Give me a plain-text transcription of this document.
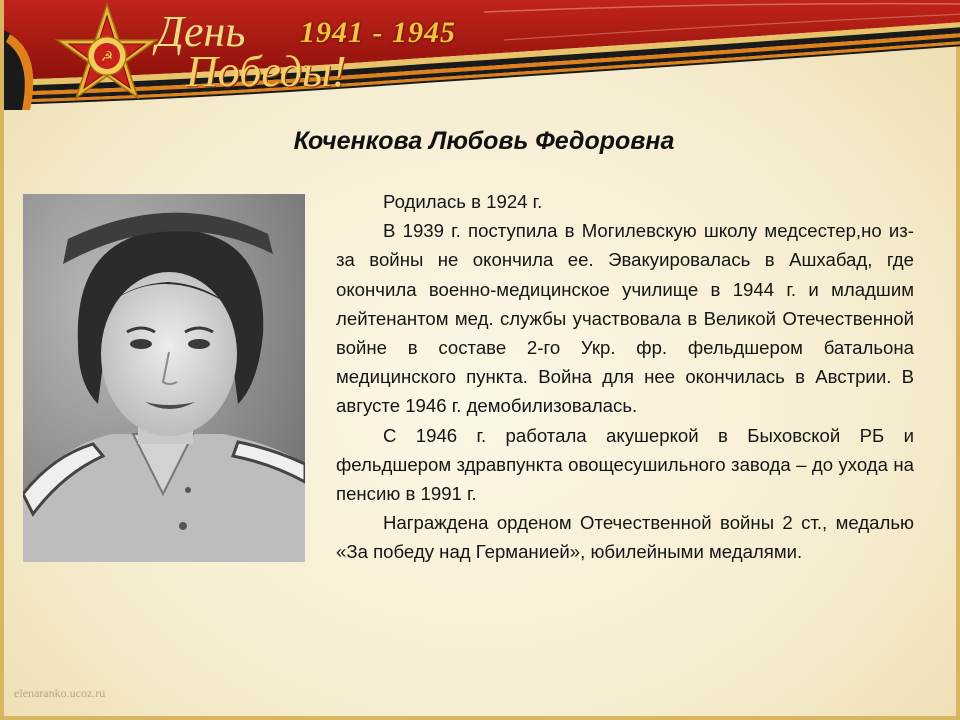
☭
День
Победы!
1941 - 1945
Коченкова Любовь Федоровна

Родилась в 1924 г.

В 1939 г. поступила в Могилевскую школу медсестер,но из-за войны не окончила ее. Эвакуировалась в Ашхабад, где окончила военно-медицинское училище в 1944 г. и младшим лейтенантом мед. службы участвовала в Великой Отечественной войне в составе 2-го Укр. фр. фельдшером батальона медицинского пункта. Война для нее окончилась в Австрии. В августе 1946 г. демобилизовалась.

С 1946 г. работала акушеркой в Быховской РБ и фельдшером здравпункта овощесушильного завода – до ухода на пенсию в 1991 г.

Награждена орденом Отечественной войны 2 ст., медалью «За победу над Германией», юбилейными медалями.

elenaranko.ucoz.ru
